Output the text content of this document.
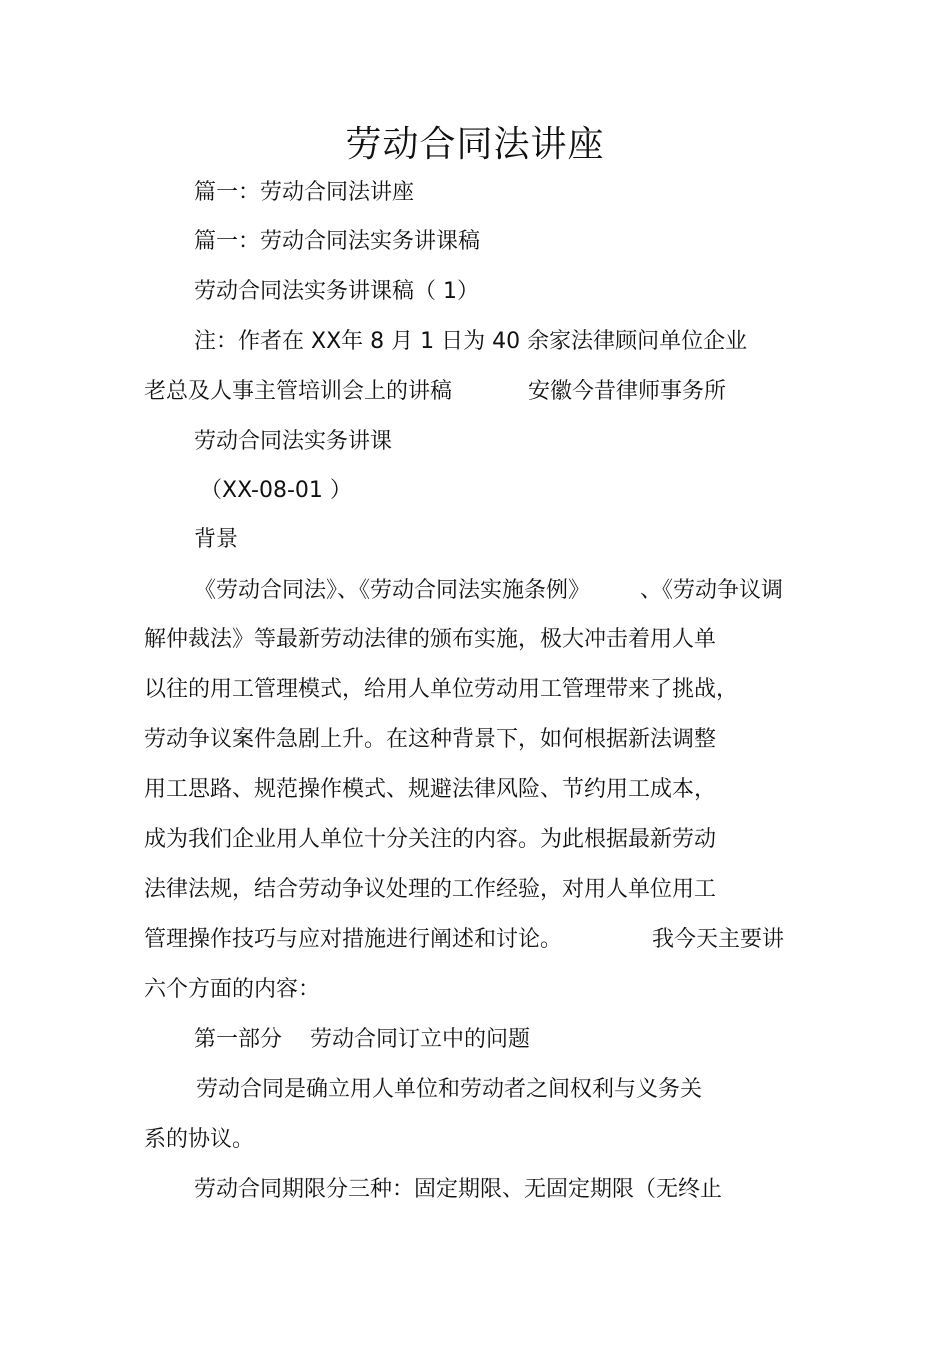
劳动合同法讲座
篇一：劳动合同法讲座
篇一：劳动合同法实务讲课稿
劳动合同法实务讲课稿（ 1）
注：作者在 XX年 8 月 1 日为 40 余家法律顾问单位企业
老总及人事主管培训会上的讲稿	安徽今昔律师事务所
劳动合同法实务讲课
（XX-08-01 ）
背景
《劳动合同法》、《劳动合同法实施条例》 、《劳动争议调
解仲裁法》等最新劳动法律的颁布实施，极大冲击着用人单
以往的用工管理模式，给用人单位劳动用工管理带来了挑战，
劳动争议案件急剧上升。在这种背景下，如何根据新法调整
用工思路、规范操作模式、规避法律风险、节约用工成本，
成为我们企业用人单位十分关注的内容。为此根据最新劳动
法律法规，结合劳动争议处理的工作经验，对用人单位用工
管理操作技巧与应对措施进行阐述和讨论。	我今天主要讲
六个方面的内容：
第一部分 劳动合同订立中的问题
劳动合同是确立用人单位和劳动者之间权利与义务关
系的协议。
劳动合同期限分三种：固定期限、无固定期限（无终止
